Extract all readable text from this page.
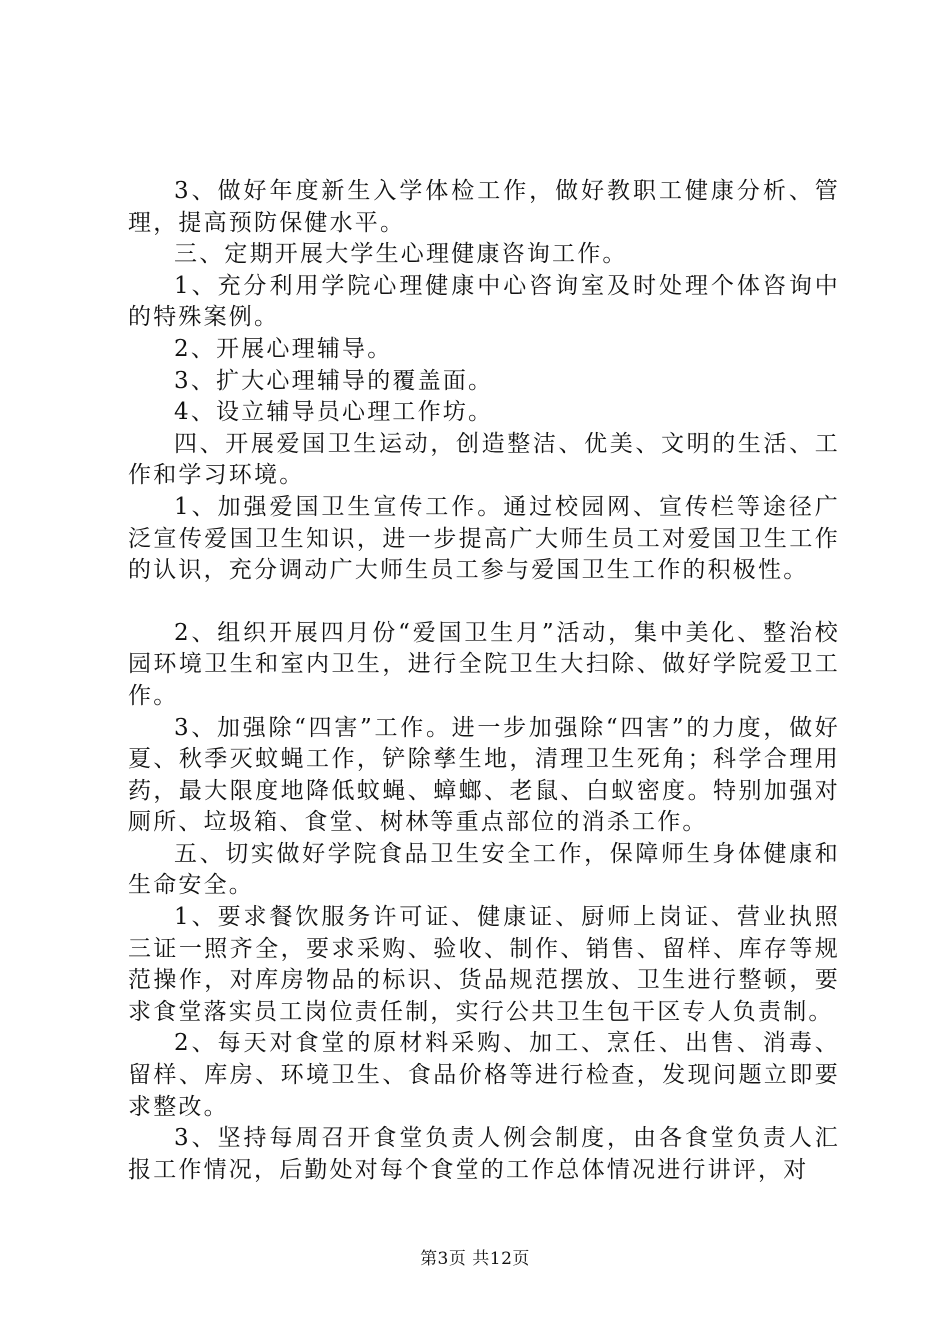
3、做好年度新生入学体检工作，做好教职工健康分析、管理，提高预防保健水平。

三、定期开展大学生心理健康咨询工作。

1、充分利用学院心理健康中心咨询室及时处理个体咨询中的特殊案例。

2、开展心理辅导。

3、扩大心理辅导的覆盖面。

4、设立辅导员心理工作坊。

四、开展爱国卫生运动，创造整洁、优美、文明的生活、工作和学习环境。

1、加强爱国卫生宣传工作。通过校园网、宣传栏等途径广泛宣传爱国卫生知识，进一步提高广大师生员工对爱国卫生工作的认识，充分调动广大师生员工参与爱国卫生工作的积极性。

2、组织开展四月份“爱国卫生月”活动，集中美化、整治校园环境卫生和室内卫生，进行全院卫生大扫除、做好学院爱卫工作。

3、加强除“四害”工作。进一步加强除“四害”的力度，做好夏、秋季灭蚊蝇工作，铲除孳生地，清理卫生死角；科学合理用药，最大限度地降低蚊蝇、蟑螂、老鼠、白蚁密度。特别加强对厕所、垃圾箱、食堂、树林等重点部位的消杀工作。

五、切实做好学院食品卫生安全工作，保障师生身体健康和生命安全。

1、要求餐饮服务许可证、健康证、厨师上岗证、营业执照三证一照齐全，要求采购、验收、制作、销售、留样、库存等规范操作，对库房物品的标识、货品规范摆放、卫生进行整顿，要求食堂落实员工岗位责任制，实行公共卫生包干区专人负责制。

2、每天对食堂的原材料采购、加工、烹任、出售、消毒、留样、库房、环境卫生、食品价格等进行检查，发现问题立即要求整改。

3、坚持每周召开食堂负责人例会制度，由各食堂负责人汇报工作情况，后勤处对每个食堂的工作总体情况进行讲评，对

第3页 共12页
